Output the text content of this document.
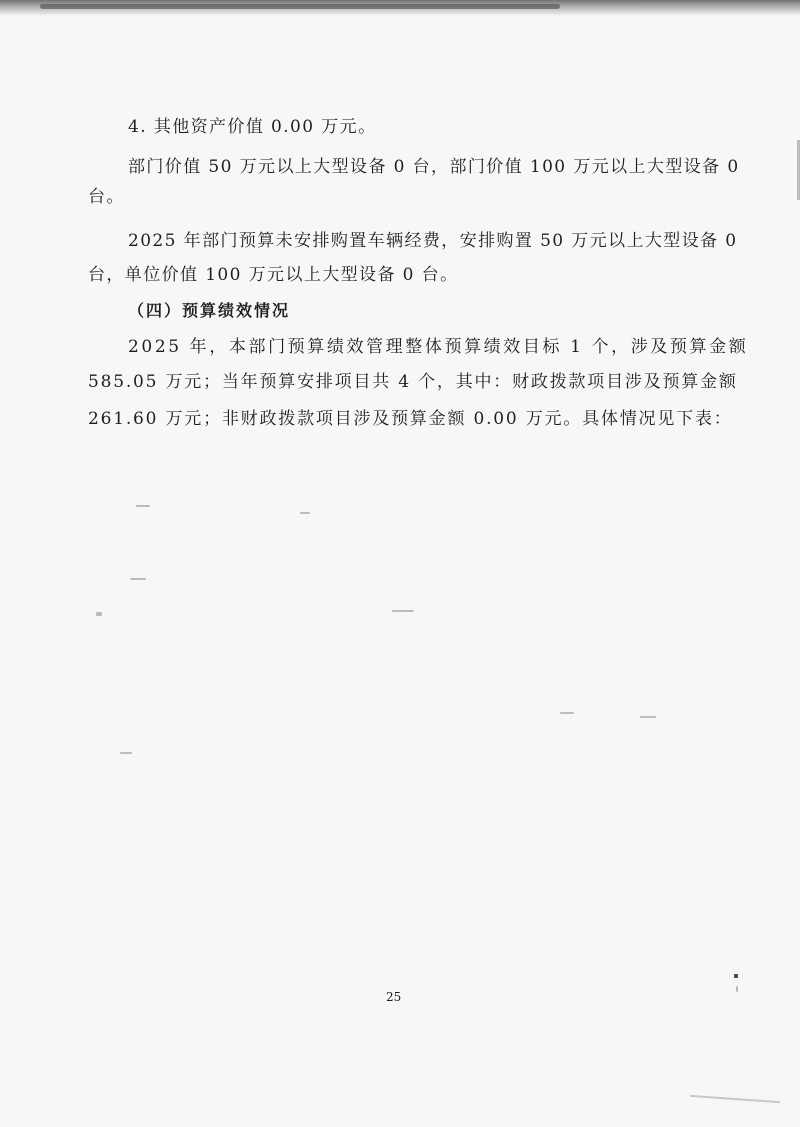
4. 其他资产价值 0.00 万元。

部门价值 50 万元以上大型设备 0 台，部门价值 100 万元以上大型设备 0

台。

2025 年部门预算未安排购置车辆经费，安排购置 50 万元以上大型设备 0

台，单位价值 100 万元以上大型设备 0 台。

（四）预算绩效情况

2025 年，本部门预算绩效管理整体预算绩效目标 1 个，涉及预算金额

585.05 万元；当年预算安排项目共 4 个，其中：财政拨款项目涉及预算金额

261.60 万元；非财政拨款项目涉及预算金额 0.00 万元。具体情况见下表：

25
